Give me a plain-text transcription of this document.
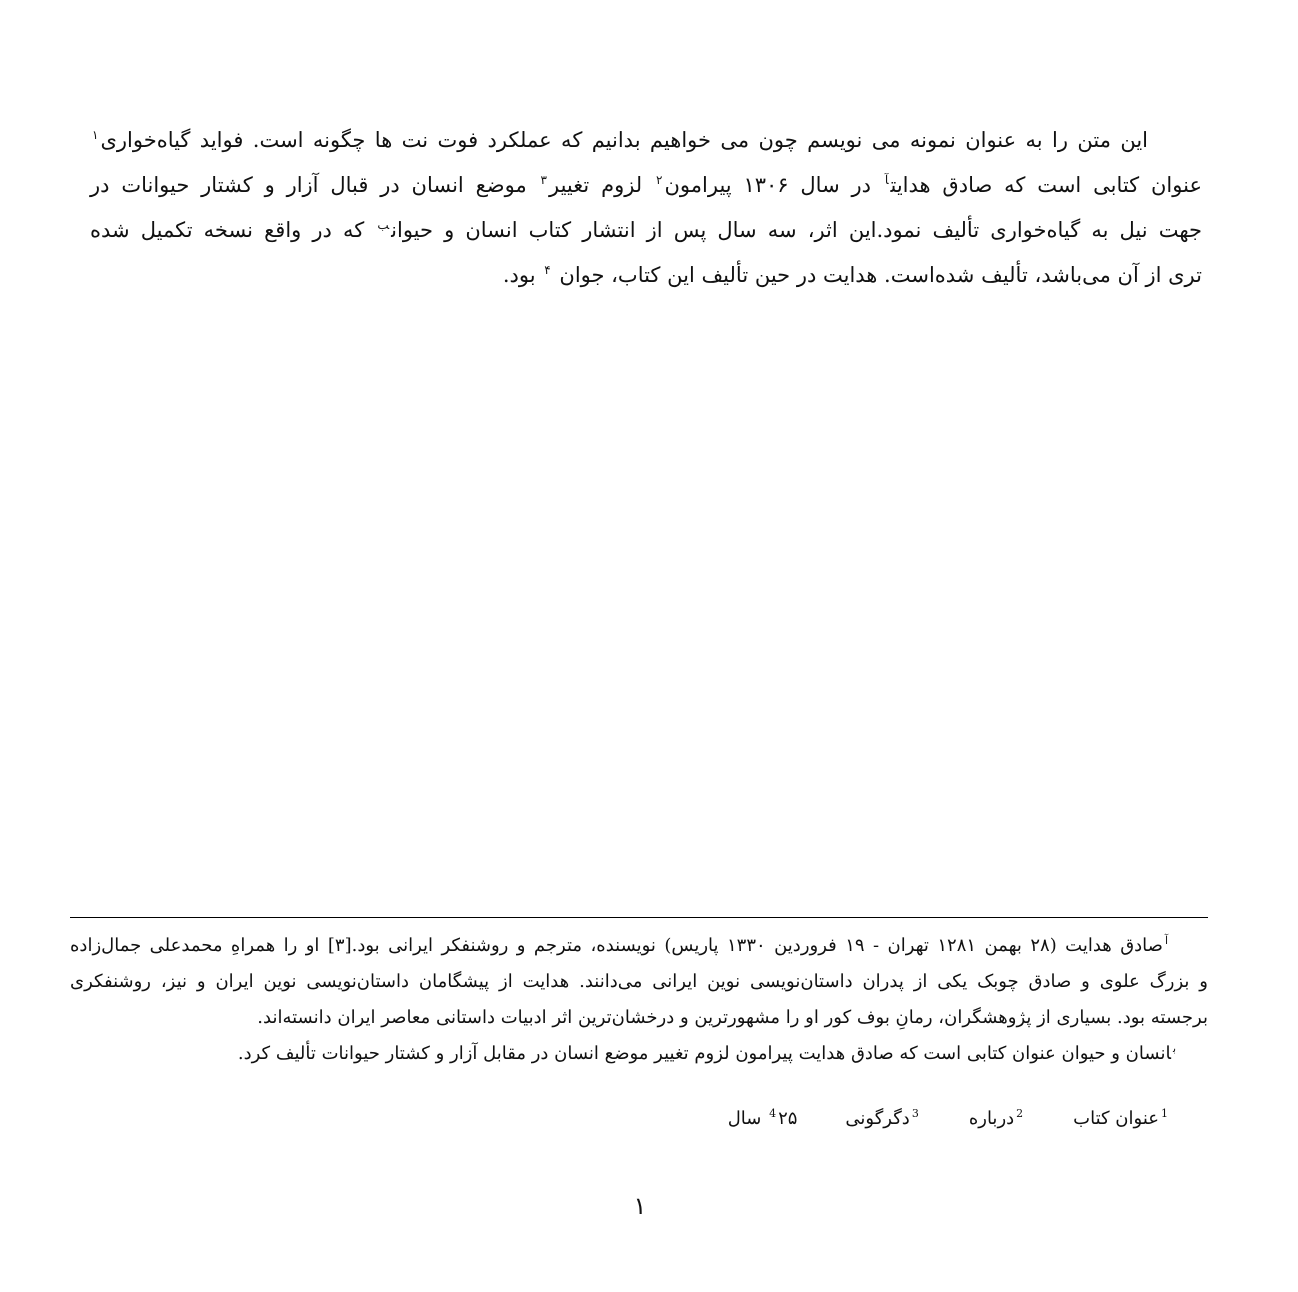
این متن را به عنوان نمونه می نویسم چون می خواهیم بدانیم که عملکرد فوت نت ها چگونه است. فواید گیاه‌خواری$^۱$
عنوان کتابی است که صادق هدایت$^آ$ در سال ۱۳۰۶ پیرامون$^۲$ لزوم تغییر$^۳$ موضع انسان در قبال آزار و کشتار حیوانات در
جهت نیل به گیاه‌خواری تألیف نمود.این اثر، سه سال پس از انتشار کتاب انسان و حیوان$^ب$ که در واقع نسخه تکمیل شده
تری از آن می‌باشد، تألیف شده‌است. هدایت در حین تألیف این کتاب، جوان $^۴$ بود.
$^آ$صادق هدایت (۲۸ بهمن ۱۲۸۱ تهران - ۱۹ فروردین ۱۳۳۰ پاریس) نویسنده، مترجم و روشنفکر ایرانی بود.[۳] او را همراهِ محمدعلی جمال‌زاده
و بزرگ علوی و صادق چوبک یکی از پدران داستان‌نویسی نوین ایرانی می‌دانند. هدایت از پیشگامان داستان‌نویسی نوین ایران و نیز، روشنفکری
برجسته بود. بسیاری از پژوهشگران، رمانِ بوف کور او را مشهورترین و درخشان‌ترین اثر ادبیات داستانی معاصر ایران دانسته‌اند.
$^ب$انسان و حیوان عنوان کتابی است که صادق هدایت پیرامون لزوم تغییر موضع انسان در مقابل آزار و کشتار حیوانات تألیف کرد.
$^1$عنوان کتاب
$^2$درباره
$^3$دگرگونی
$^4$۲۵ سال
۱
